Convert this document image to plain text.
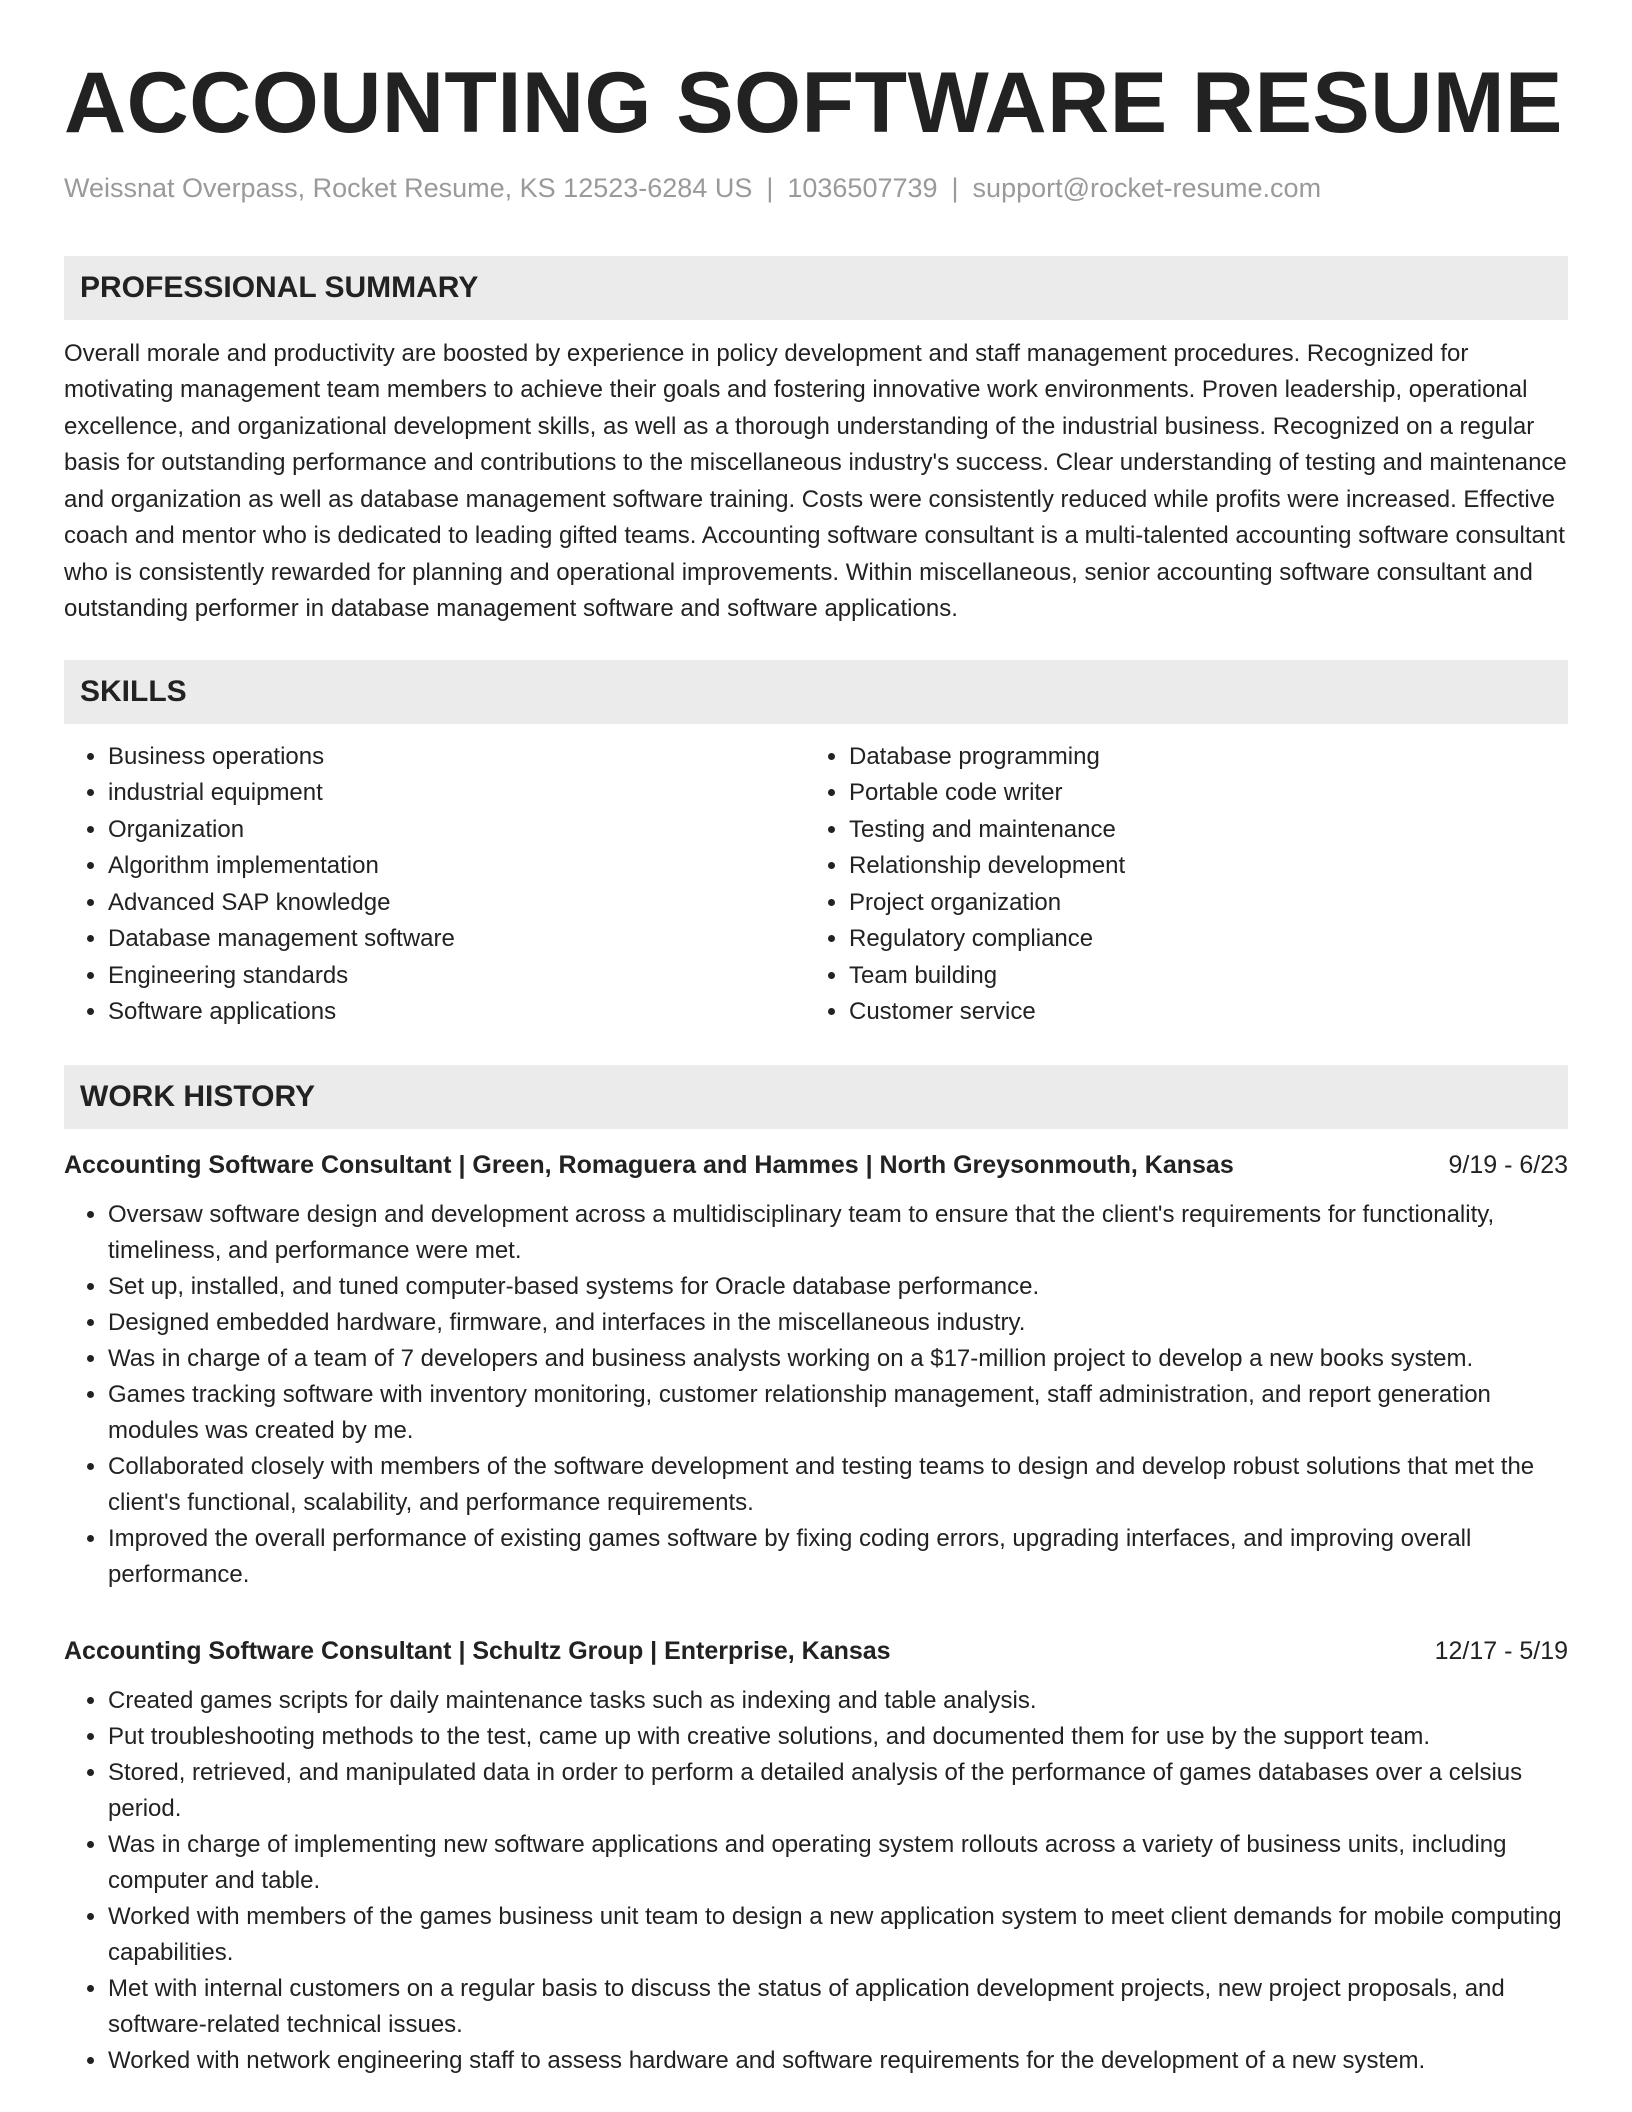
ACCOUNTING SOFTWARE RESUME
Weissnat Overpass, Rocket Resume, KS 12523-6284 US | 1036507739 | support@rocket-resume.com
PROFESSIONAL SUMMARY

Overall morale and productivity are boosted by experience in policy development and staff management procedures. Recognized for motivating management team members to achieve their goals and fostering innovative work environments. Proven leadership, operational excellence, and organizational development skills, as well as a thorough understanding of the industrial business. Recognized on a regular basis for outstanding performance and contributions to the miscellaneous industry's success. Clear understanding of testing and maintenance and organization as well as database management software training. Costs were consistently reduced while profits were increased. Effective coach and mentor who is dedicated to leading gifted teams. Accounting software consultant is a multi-talented accounting software consultant who is consistently rewarded for planning and operational improvements. Within miscellaneous, senior accounting software consultant and outstanding performer in database management software and software applications.

SKILLS
• Business operations
• industrial equipment
• Organization
• Algorithm implementation
• Advanced SAP knowledge
• Database management software
• Engineering standards
• Software applications
• Database programming
• Portable code writer
• Testing and maintenance
• Relationship development
• Project organization
• Regulatory compliance
• Team building
• Customer service
WORK HISTORY
Accounting Software Consultant | Green, Romaguera and Hammes | North Greysonmouth, Kansas	9/19 - 6/23
• Oversaw software design and development across a multidisciplinary team to ensure that the client's requirements for functionality, timeliness, and performance were met.
• Set up, installed, and tuned computer-based systems for Oracle database performance.
• Designed embedded hardware, firmware, and interfaces in the miscellaneous industry.
• Was in charge of a team of 7 developers and business analysts working on a $17-million project to develop a new books system.
• Games tracking software with inventory monitoring, customer relationship management, staff administration, and report generation modules was created by me.
• Collaborated closely with members of the software development and testing teams to design and develop robust solutions that met the client's functional, scalability, and performance requirements.
• Improved the overall performance of existing games software by fixing coding errors, upgrading interfaces, and improving overall performance.
Accounting Software Consultant | Schultz Group | Enterprise, Kansas	12/17 - 5/19
• Created games scripts for daily maintenance tasks such as indexing and table analysis.
• Put troubleshooting methods to the test, came up with creative solutions, and documented them for use by the support team.
• Stored, retrieved, and manipulated data in order to perform a detailed analysis of the performance of games databases over a celsius period.
• Was in charge of implementing new software applications and operating system rollouts across a variety of business units, including computer and table.
• Worked with members of the games business unit team to design a new application system to meet client demands for mobile computing capabilities.
• Met with internal customers on a regular basis to discuss the status of application development projects, new project proposals, and software-related technical issues.
• Worked with network engineering staff to assess hardware and software requirements for the development of a new system.
